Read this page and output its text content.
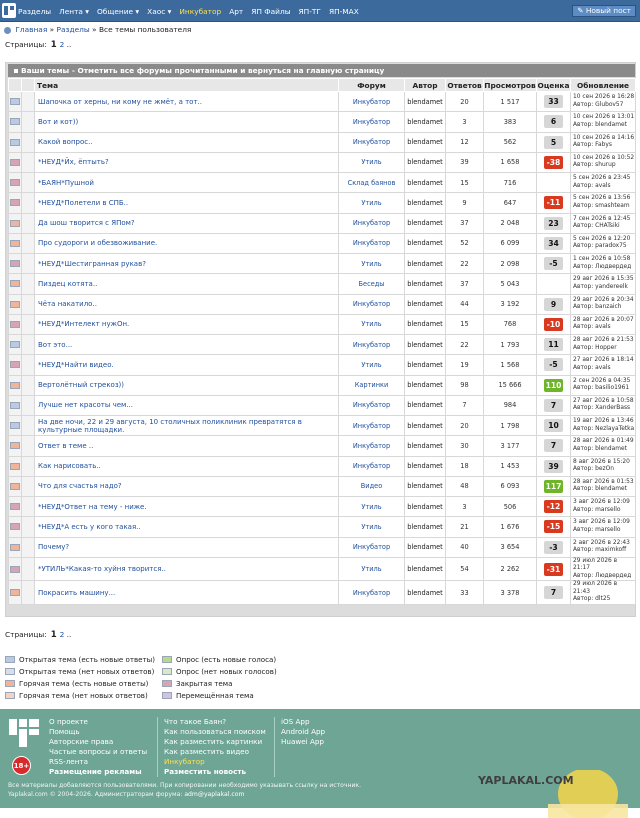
Разделы Лента ▾ Общение ▾ Хаос ▾ Инкубатор Арт ЯП Файлы ЯП-ТГ ЯП-MAX	✎ Новый пост
Главная » Разделы » Все темы пользователя
Страницы: 1 2 ..
Ваши темы - Отметить все форумы прочитанными и вернуться на главную страницу
		Тема	Форум	Автор	Ответов	Просмотров	Оценка	Обновление
		Шапочка от херны, ни кому не жмёт, а тот..	Инкубатор	blendamet	20	1 517	33	10 сен 2026 в 16:28
Автор: Glubov57

		Вот и кот))	Инкубатор	blendamet	3	383	6	10 сен 2026 в 13:01
Автор: blendamet

		Какой вопрос..	Инкубатор	blendamet	12	562	5	10 сен 2026 в 14:16
Автор: Fabys

		*НЕУД*Йх, ёптыть?	Утиль	blendamet	39	1 658	-38	10 сен 2026 в 10:52
Автор: shurup

		*БАЯН*Пушной	Склад баянов	blendamet	15	716		5 сен 2026 в 23:45
Автор: avals

		*НЕУД*Полетели в СПБ..	Утиль	blendamet	9	647	-11	5 сен 2026 в 13:56
Автор: smashteam

		Да шош творится с ЯПом?	Инкубатор	blendamet	37	2 048	23	7 сен 2026 в 12:45
Автор: CHATsiki

		Про судороги и обезвоживание.	Инкубатор	blendamet	52	6 099	34	5 сен 2026 в 12:20
Автор: paradox75

		*НЕУД*Шестигранная рукав?	Утиль	blendamet	22	2 098	-5	1 сен 2026 в 10:58
Автор: Людвердед

		Пиздец котята..	Беседы	blendamet	37	5 043		29 авг 2026 в 15:35
Автор: yandereelk

		Чёта накатило..	Инкубатор	blendamet	44	3 192	9	29 авг 2026 в 20:34
Автор: banzaich

		*НЕУД*Интелект нужОн.	Утиль	blendamet	15	768	-10	28 авг 2026 в 20:07
Автор: avals

		Вот это...	Инкубатор	blendamet	22	1 793	11	28 авг 2026 в 21:53
Автор: Hopper

		*НЕУД*Найти видео.	Утиль	blendamet	19	1 568	-5	27 авг 2026 в 18:14
Автор: avals

		Вертолётный стрекоз))	Картинки	blendamet	98	15 666	110	2 сен 2026 в 04:35
Автор: basilio1961

		Лучше нет красоты чем...	Инкубатор	blendamet	7	984	7	27 авг 2026 в 10:58
Автор: XanderBass

		На две ночи, 22 и 29 августа, 10 столичных поликлиник превратятся в культурные площадки.	Инкубатор	blendamet	20	1 798	10	19 авг 2026 в 13:46
Автор: NezlayaTetka

		Ответ в теме ..	Инкубатор	blendamet	30	3 177	7	28 авг 2026 в 01:49
Автор: blendamet

		Как нарисовать..	Инкубатор	blendamet	18	1 453	39	8 авг 2026 в 15:20
Автор: bezOn

		Что для счастья надо?	Видео	blendamet	48	6 093	117	28 авг 2026 в 01:53
Автор: blendamet

		*НЕУД*Ответ на тему - ниже.	Утиль	blendamet	3	506	-12	3 авг 2026 в 12:09
Автор: marsello

		*НЕУД*А есть у кого такая..	Утиль	blendamet	21	1 676	-15	3 авг 2026 в 12:09
Автор: marsello

		Почему?	Инкубатор	blendamet	40	3 654	-3	2 авг 2026 в 22:43
Автор: maximkoff

		*УТИЛЬ*Какая-то хуйня творится..	Утиль	blendamet	54	2 262	-31	29 июл 2026 в 21:17
Автор: Людвердед

		Покрасить машину...	Инкубатор	blendamet	33	3 378	7	29 июл 2026 в 21:43
Автор: dlt25
Страницы: 1 2 ..
Открытая тема (есть новые ответы)
Открытая тема (нет новых ответов)
Горячая тема (есть новые ответы)
Горячая тема (нет новых ответов)
Опрос (есть новые голоса)
Опрос (нет новых голосов)
Закрытая тема
Перемещённая тема
18+
О проекте
Помощь
Авторские права
Частые вопросы и ответы
RSS-лента
Размещение рекламы
Что такое Баян?
Как пользоваться поиском
Как разместить картинки
Как разместить видео
Инкубатор
Разместить новость
iOS App
Android App
Huawei App
Все материалы добавляются пользователями. При копировании необходимо указывать ссылку на источник.
Yaplakal.com © 2004-2026. Администраторам форума: adm@yaplakal.com
YAPLAKAL.COM
